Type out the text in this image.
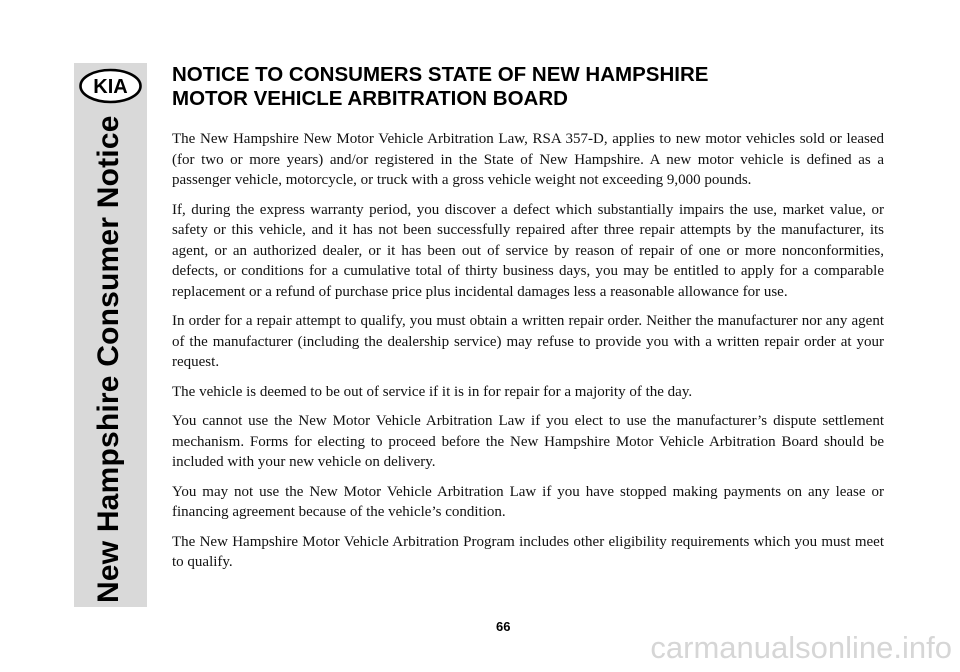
KIA
New Hampshire Consumer Notice
NOTICE TO CONSUMERS STATE OF NEW HAMPSHIRE
MOTOR VEHICLE ARBITRATION BOARD

The New Hampshire New Motor Vehicle Arbitration Law, RSA 357-D, applies to new motor vehicles sold or leased (for two or more years) and/or registered in the State of New Hampshire. A new motor vehicle is defined as a passenger vehicle, motorcycle, or truck with a gross vehicle weight not exceeding 9,000 pounds.

If, during the express warranty period, you discover a defect which substantially impairs the use, market value, or safety or this vehicle, and it has not been successfully repaired after three repair attempts by the manufacturer, its agent, or an authorized dealer, or it has been out of service by reason of repair of one or more nonconformities, defects, or conditions for a cumulative total of thirty business days, you may be entitled to apply for a comparable replacement or a refund of purchase price plus incidental damages less a reasonable allowance for use.

In order for a repair attempt to qualify, you must obtain a written repair order. Neither the manufacturer nor any agent of the manufacturer (including the dealership service) may refuse to provide you with a written repair order at your request.

The vehicle is deemed to be out of service if it is in for repair for a majority of the day.

You cannot use the New Motor Vehicle Arbitration Law if you elect to use the manufacturer’s dispute settlement mechanism. Forms for electing to proceed before the New Hampshire Motor Vehicle Arbitration Board should be included with your new vehicle on delivery.

You may not use the New Motor Vehicle Arbitration Law if you have stopped making payments on any lease or financing agreement because of the vehicle’s condition.

The New Hampshire Motor Vehicle Arbitration Program includes other eligibility requirements which you must meet to qualify.

66
carmanualsonline.info
